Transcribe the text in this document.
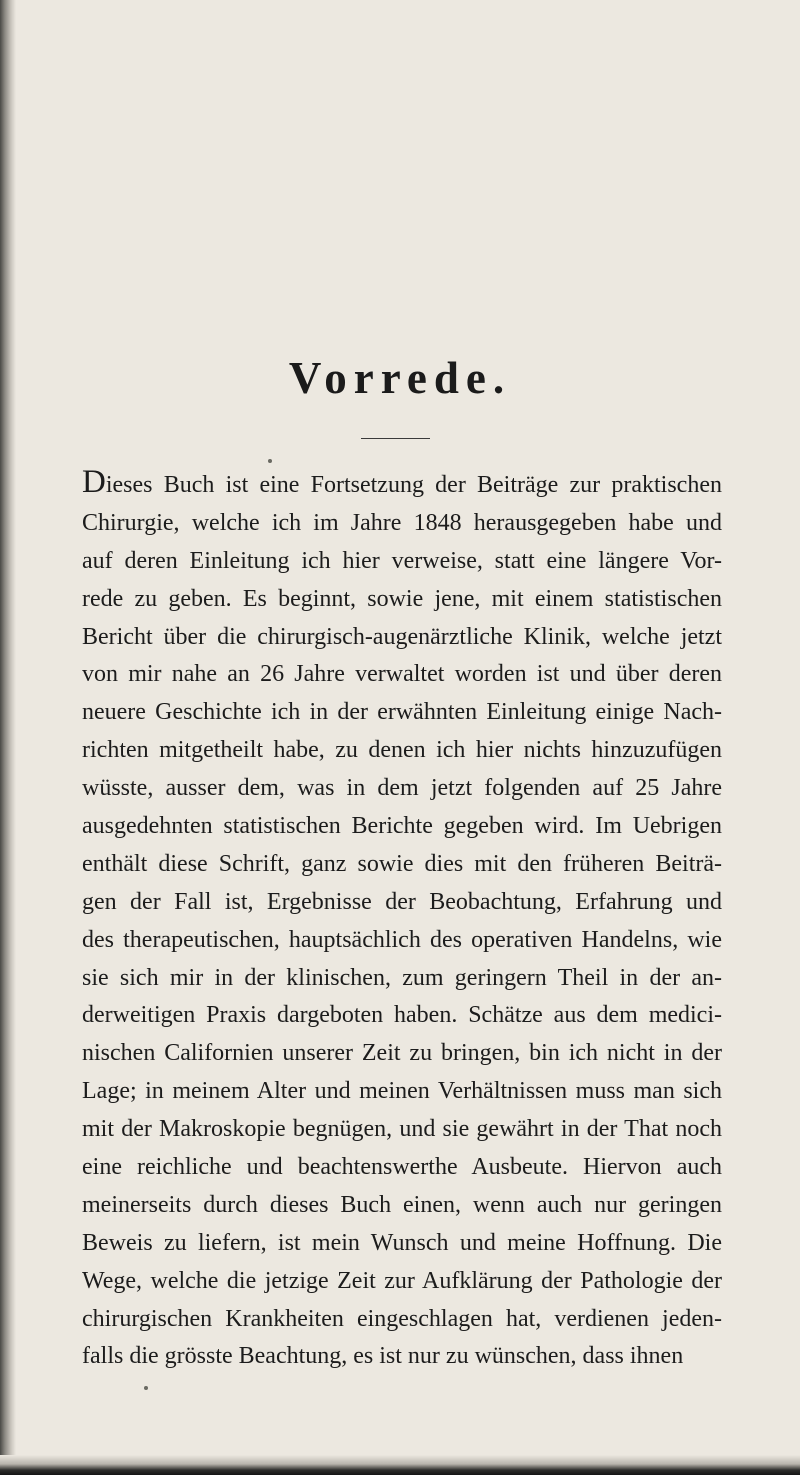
Vorrede.
Dieses Buch ist eine Fortsetzung der Beiträge zur praktischen
Chirurgie, welche ich im Jahre 1848 herausgegeben habe und
auf deren Einleitung ich hier verweise, statt eine längere Vor-
rede zu geben. Es beginnt, sowie jene, mit einem statistischen
Bericht über die chirurgisch-augenärztliche Klinik, welche jetzt
von mir nahe an 26 Jahre verwaltet worden ist und über deren
neuere Geschichte ich in der erwähnten Einleitung einige Nach-
richten mitgetheilt habe, zu denen ich hier nichts hinzuzufügen
wüsste, ausser dem, was in dem jetzt folgenden auf 25 Jahre
ausgedehnten statistischen Berichte gegeben wird. Im Uebrigen
enthält diese Schrift, ganz sowie dies mit den früheren Beiträ-
gen der Fall ist, Ergebnisse der Beobachtung, Erfahrung und
des therapeutischen, hauptsächlich des operativen Handelns, wie
sie sich mir in der klinischen, zum geringern Theil in der an-
derweitigen Praxis dargeboten haben. Schätze aus dem medici-
nischen Californien unserer Zeit zu bringen, bin ich nicht in der
Lage; in meinem Alter und meinen Verhältnissen muss man sich
mit der Makroskopie begnügen, und sie gewährt in der That noch
eine reichliche und beachtenswerthe Ausbeute. Hiervon auch
meinerseits durch dieses Buch einen, wenn auch nur geringen
Beweis zu liefern, ist mein Wunsch und meine Hoffnung. Die
Wege, welche die jetzige Zeit zur Aufklärung der Pathologie der
chirurgischen Krankheiten eingeschlagen hat, verdienen jeden-
falls die grösste Beachtung, es ist nur zu wünschen, dass ihnen
